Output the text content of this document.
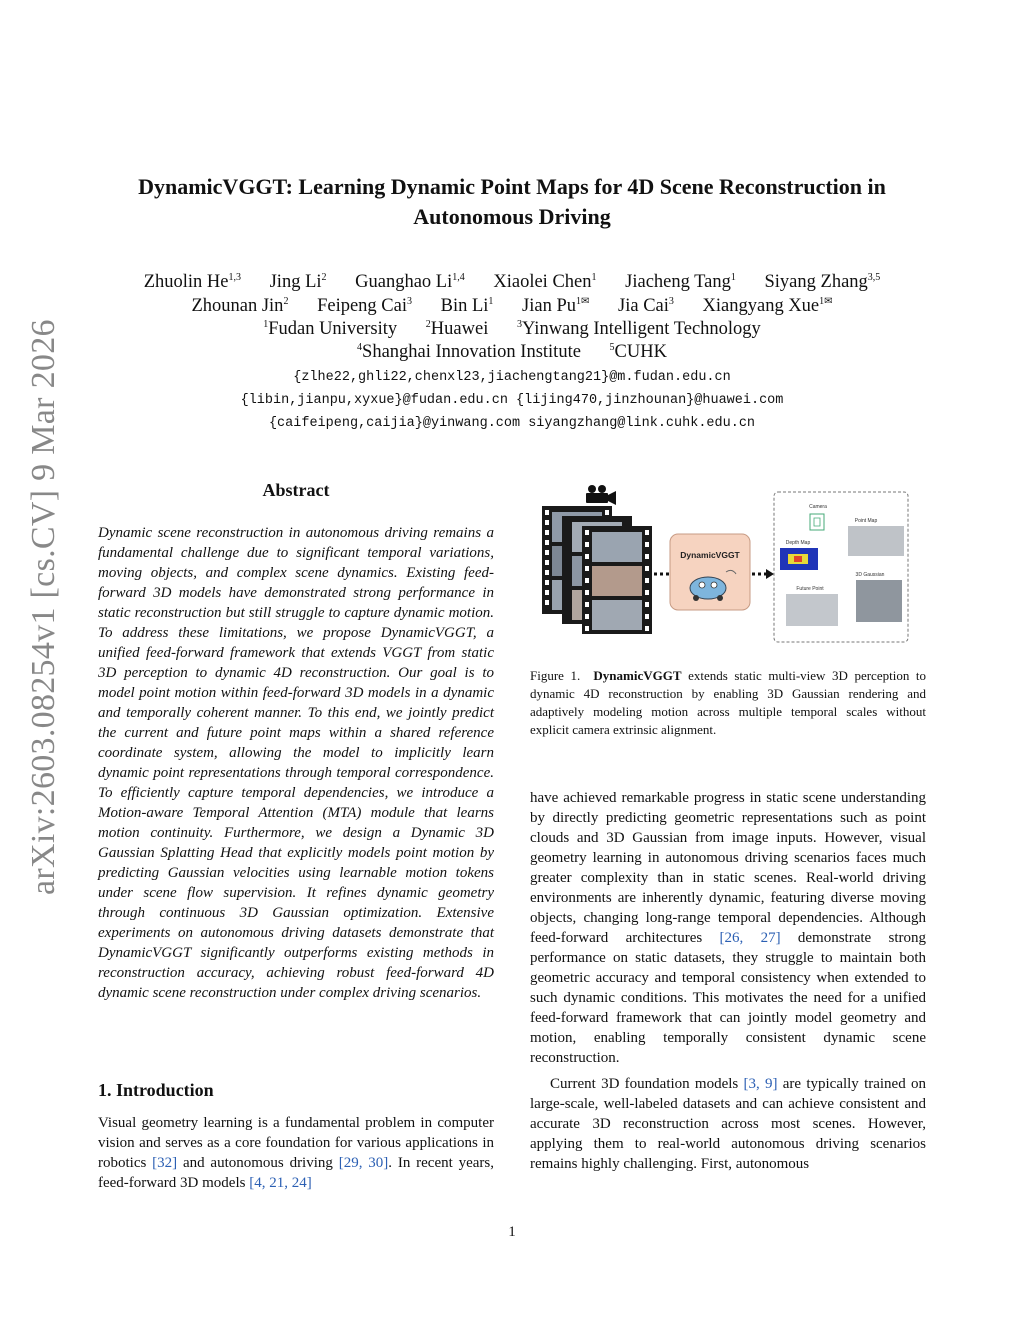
arXiv:2603.08254v1 [cs.CV] 9 Mar 2026
DynamicVGGT: Learning Dynamic Point Maps for 4D Scene Reconstruction in
Autonomous Driving
Zhuolin He$^{1,3}$ Jing Li$^2$ Guanghao Li$^{1,4}$ Xiaolei Chen$^1$ Jiacheng Tang$^1$ Siyang Zhang$^{3,5}$
Zhounan Jin$^2$ Feipeng Cai$^3$ Bin Li$^1$ Jian $Pu^{1✉}$ Jia Cai$^3$ Xiangyang Xue$^{1✉}$
$^1$Fudan University	$^2$Huawei	$^3$Yinwang Intelligent Technology
$^4$Shanghai Innovation Institute	$^5$CUHK
{zlhe22,ghli22,chenxl23,jiachengtang21}@m.fudan.edu.cn
{libin,jianpu,xyxue}@fudan.edu.cn {lijing470,jinzhounan}@huawei.com
{caifeipeng,caijia}@yinwang.com siyangzhang@link.cuhk.edu.cn
Abstract
Dynamic scene reconstruction in autonomous driving remains a fundamental challenge due to significant temporal variations, moving objects, and complex scene dynamics. Existing feed-forward 3D models have demonstrated strong performance in static reconstruction but still struggle to capture dynamic motion. To address these limitations, we propose DynamicVGGT, a unified feed-forward framework that extends VGGT from static 3D perception to dynamic 4D reconstruction. Our goal is to model point motion within feed-forward 3D models in a dynamic and temporally coherent manner. To this end, we jointly predict the current and future point maps within a shared reference coordinate system, allowing the model to implicitly learn dynamic point representations through temporal correspondence. To efficiently capture temporal dependencies, we introduce a Motion-aware Temporal Attention (MTA) module that learns motion continuity. Furthermore, we design a Dynamic 3D Gaussian Splatting Head that explicitly models point motion by predicting Gaussian velocities using learnable motion tokens under scene flow supervision. It refines dynamic geometry through continuous 3D Gaussian optimization. Extensive experiments on autonomous driving datasets demonstrate that DynamicVGGT significantly outperforms existing methods in reconstruction accuracy, achieving robust feed-forward 4D dynamic scene reconstruction under complex driving scenarios.
1. Introduction
Visual geometry learning is a fundamental problem in computer vision and serves as a core foundation for various applications in robotics [32] and autonomous driving [29, 30]. In recent years, feed-forward 3D models [4, 21, 24]
DynamicVGGT
Camera
Point Map
Depth Map
3D Gaussian
Future Point
Figure 1. DynamicVGGT extends static multi-view 3D perception to dynamic 4D reconstruction by enabling 3D Gaussian rendering and adaptively modeling motion across multiple temporal scales without explicit camera extrinsic alignment.

have achieved remarkable progress in static scene understanding by directly predicting geometric representations such as point clouds and 3D Gaussian from image inputs. However, visual geometry learning in autonomous driving scenarios faces much greater complexity than in static scenes. Real-world driving environments are inherently dynamic, featuring diverse moving objects, changing long-range temporal dependencies. Although feed-forward architectures [26, 27] demonstrate strong performance on static datasets, they struggle to maintain both geometric accuracy and temporal consistency when extended to such dynamic conditions. This motivates the need for a unified feed-forward framework that can jointly model geometry and motion, enabling temporally consistent dynamic scene reconstruction.

Current 3D foundation models [3, 9] are typically trained on large-scale, well-labeled datasets and can achieve consistent and accurate 3D reconstruction across most scenes. However, applying them to real-world autonomous driving scenarios remains highly challenging. First, autonomous

1
